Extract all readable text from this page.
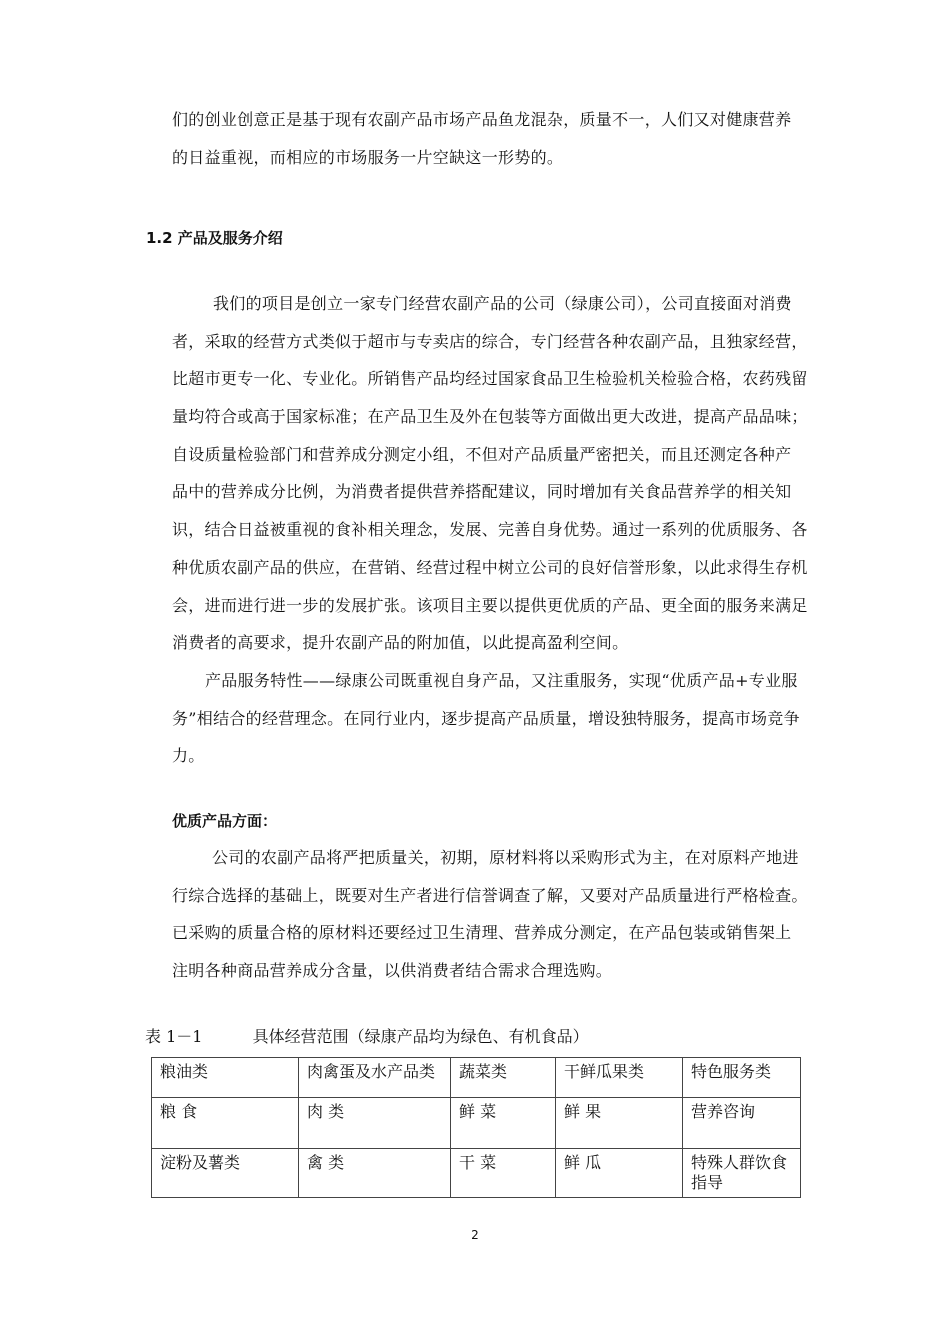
们的创业创意正是基于现有农副产品市场产品鱼龙混杂，质量不一，人们又对健康营养
的日益重视，而相应的市场服务一片空缺这一形势的。
1.2 产品及服务介绍
我们的项目是创立一家专门经营农副产品的公司（绿康公司），公司直接面对消费
者，采取的经营方式类似于超市与专卖店的综合，专门经营各种农副产品，且独家经营，
比超市更专一化、专业化。所销售产品均经过国家食品卫生检验机关检验合格，农药残留
量均符合或高于国家标准；在产品卫生及外在包装等方面做出更大改进，提高产品品味；
自设质量检验部门和营养成分测定小组，不但对产品质量严密把关，而且还测定各种产
品中的营养成分比例，为消费者提供营养搭配建议，同时增加有关食品营养学的相关知
识，结合日益被重视的食补相关理念，发展、完善自身优势。通过一系列的优质服务、各
种优质农副产品的供应，在营销、经营过程中树立公司的良好信誉形象，以此求得生存机
会，进而进行进一步的发展扩张。该项目主要以提供更优质的产品、更全面的服务来满足
消费者的高要求，提升农副产品的附加值，以此提高盈利空间。
产品服务特性——绿康公司既重视自身产品，又注重服务，实现“优质产品+专业服
务”相结合的经营理念。在同行业内，逐步提高产品质量，增设独特服务，提高市场竞争
力。
优质产品方面：
公司的农副产品将严把质量关，初期，原材料将以采购形式为主，在对原料产地进
行综合选择的基础上，既要对生产者进行信誉调查了解，又要对产品质量进行严格检查。
已采购的质量合格的原材料还要经过卫生清理、营养成分测定，在产品包装或销售架上
注明各种商品营养成分含量，以供消费者结合需求合理选购。
表 1－1	具体经营范围（绿康产品均为绿色、有机食品）
粮油类	肉禽蛋及水产品类	蔬菜类	干鲜瓜果类	特色服务类
粮 食	肉 类	鲜 菜	鲜 果	营养咨询
淀粉及薯类	禽 类	干 菜	鲜 瓜	特殊人群饮食指导
2
